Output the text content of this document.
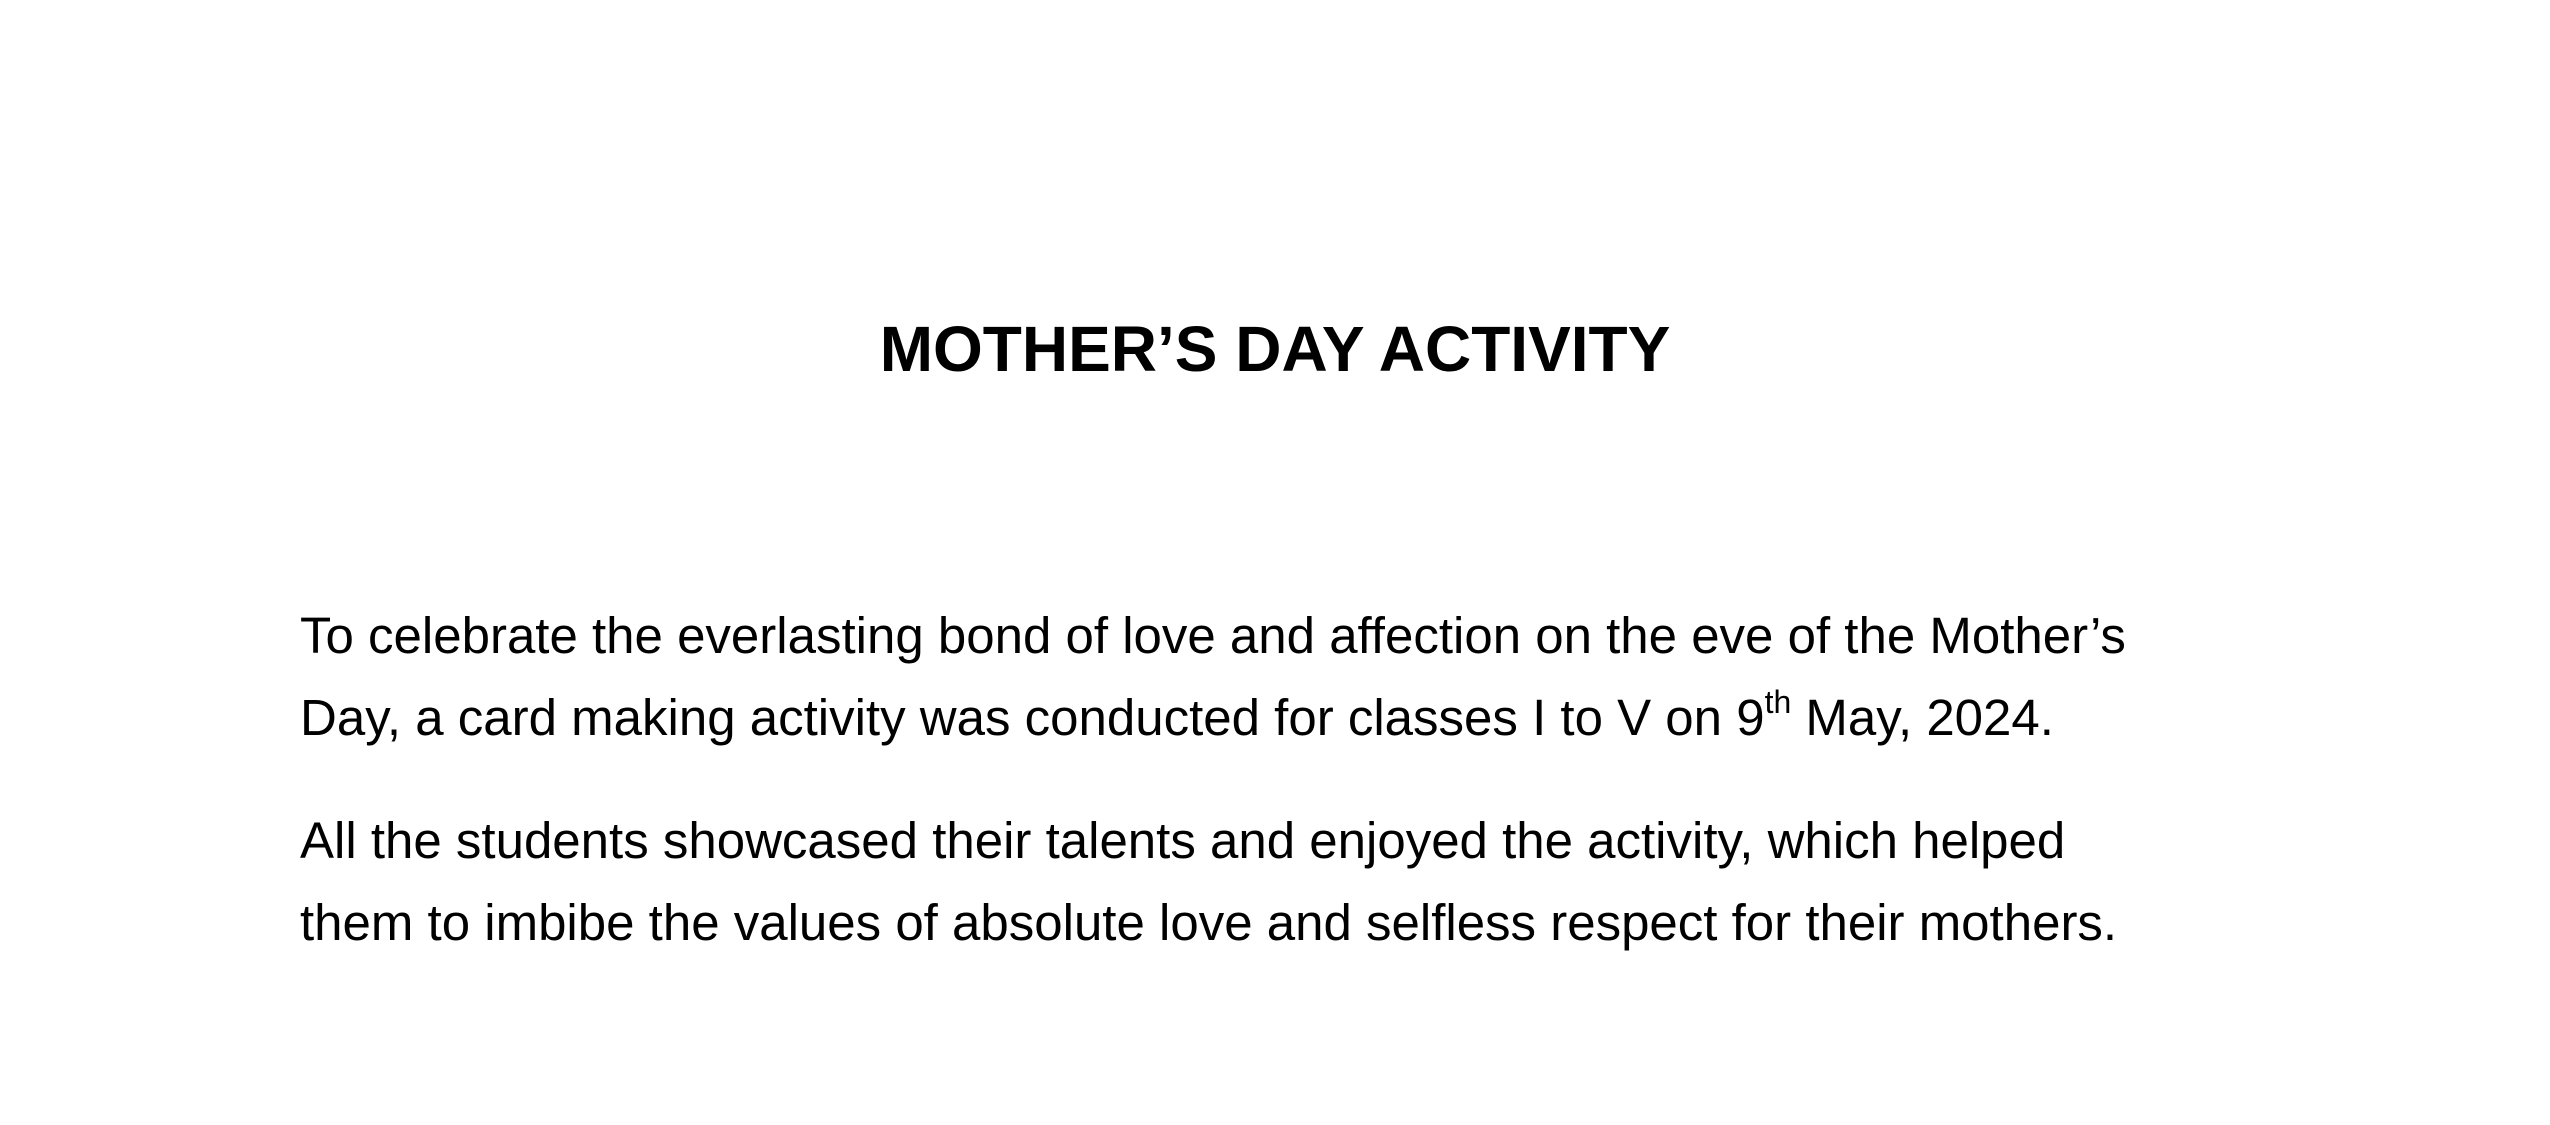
MOTHER’S DAY ACTIVITY

To celebrate the everlasting bond of love and affection on the eve of the Mother’s
Day, a card making activity was conducted for classes I to V on 9th May, 2024.

All the students showcased their talents and enjoyed the activity, which helped
them to imbibe the values of absolute love and selfless respect for their mothers.
